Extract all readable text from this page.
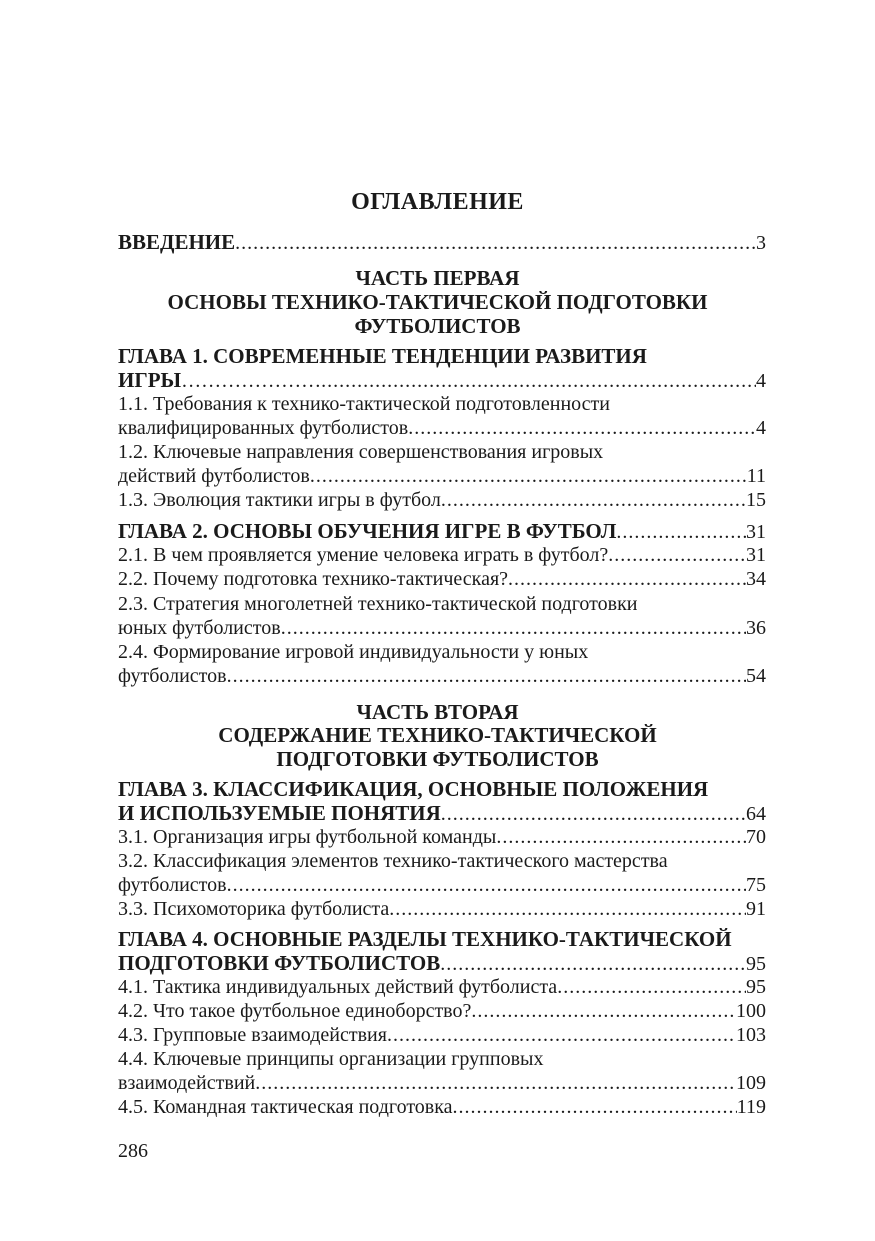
ОГЛАВЛЕНИЕ
ВВЕДЕНИЕ .....	3
ЧАСТЬ ПЕРВАЯ
ОСНОВЫ ТЕХНИКО-ТАКТИЧЕСКОЙ ПОДГОТОВКИ
ФУТБОЛИСТОВ
ГЛАВА 1. СОВРЕМЕННЫЕ ТЕНДЕНЦИИ РАЗВИТИЯ
ИГРЫ ………………… .....	4
1.1. Требования к технико-тактической подготовленности
квалифицированных футболистов .....	4
1.2. Ключевые направления совершенствования игровых
действий футболистов .....	11
1.3. Эволюция тактики игры в футбол .....	15
ГЛАВА 2. ОСНОВЫ ОБУЧЕНИЯ ИГРЕ В ФУТБОЛ .....	31
2.1. В чем проявляется умение человека играть в футбол? .....	31
2.2. Почему подготовка технико-тактическая? .....	34
2.3. Стратегия многолетней технико-тактической подготовки
юных футболистов .....	36
2.4. Формирование игровой индивидуальности у юных
футболистов .....	54
ЧАСТЬ ВТОРАЯ
СОДЕРЖАНИЕ ТЕХНИКО-ТАКТИЧЕСКОЙ
ПОДГОТОВКИ ФУТБОЛИСТОВ
ГЛАВА 3. КЛАССИФИКАЦИЯ, ОСНОВНЫЕ ПОЛОЖЕНИЯ
И ИСПОЛЬЗУЕМЫЕ ПОНЯТИЯ .....	64
3.1. Организация игры футбольной команды .....	70
3.2. Классификация элементов технико-тактического мастерства
футболистов .....	75
3.3. Психомоторика футболиста .....	91
ГЛАВА 4. ОСНОВНЫЕ РАЗДЕЛЫ ТЕХНИКО-ТАКТИЧЕСКОЙ
ПОДГОТОВКИ ФУТБОЛИСТОВ .....	95
4.1. Тактика индивидуальных действий футболиста .....	95
4.2. Что такое футбольное единоборство? .....	100
4.3. Групповые взаимодействия .....	103
4.4. Ключевые принципы организации групповых
взаимодействий .....	109
4.5. Командная тактическая подготовка .....	119
286
